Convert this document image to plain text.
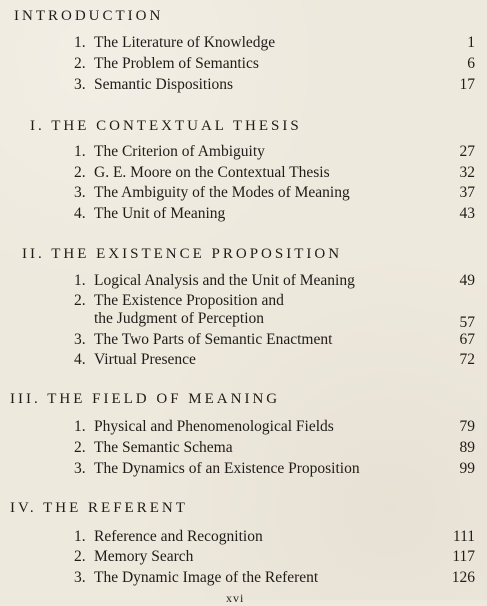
INTRODUCTION
1. The Literature of Knowledge	1
2. The Problem of Semantics	6
3. Semantic Dispositions	17
I. THE CONTEXTUAL THESIS
1. The Criterion of Ambiguity	27
2. G. E. Moore on the Contextual Thesis	32
3. The Ambiguity of the Modes of Meaning	37
4. The Unit of Meaning	43
II. THE EXISTENCE PROPOSITION
1. Logical Analysis and the Unit of Meaning	49
2. The Existence Proposition and
the Judgment of Perception	57
3. The Two Parts of Semantic Enactment	67
4. Virtual Presence	72
III. THE FIELD OF MEANING
1. Physical and Phenomenological Fields	79
2. The Semantic Schema	89
3. The Dynamics of an Existence Proposition	99
IV. THE REFERENT
1. Reference and Recognition	111
2. Memory Search	117
3. The Dynamic Image of the Referent	126
xvi
